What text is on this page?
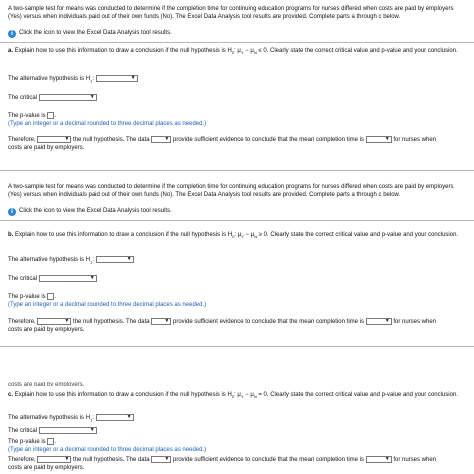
A two-sample test for means was conducted to determine if the completion time for continuing education programs for nurses differed when costs are paid by employers (Yes) versus when individuals paid out of their own funds (No). The Excel Data Analysis tool results are provided. Complete parts a through c below.

i Click the icon to view the Excel Data Analysis tool results.

a. Explain how to use this information to draw a conclusion if the null hypothesis is $H_0$: $\mu_Y - \mu_N \le 0$. Clearly state the correct critical value and p-value and your conclusion.

The alternative hypothesis is $H_1$:	▼
The critical	▼
The p-value is .
(Type an integer or a decimal rounded to three decimal places as needed.)
Therefore,	▼ the null hypothesis. The data	▼ provide sufficient evidence to conclude that the mean completion time is	▼ for nurses when
costs are paid by employers.

A two-sample test for means was conducted to determine if the completion time for continuing education programs for nurses differed when costs are paid by employers (Yes) versus when individuals paid out of their own funds (No). The Excel Data Analysis tool results are provided. Complete parts a through c below.

i Click the icon to view the Excel Data Analysis tool results.

b. Explain how to use this information to draw a conclusion if the null hypothesis is $H_0$: $\mu_Y - \mu_N \ge 0$. Clearly state the correct critical value and p-value and your conclusion.

The alternative hypothesis is $H_1$:	▼
The critical	▼
The p-value is .
(Type an integer or a decimal rounded to three decimal places as needed.)
Therefore,	▼ the null hypothesis. The data	▼ provide sufficient evidence to conclude that the mean completion time is	▼ for nurses when
costs are paid by employers.
costs are paid by employers.

c. Explain how to use this information to draw a conclusion if the null hypothesis is $H_0$: $\mu_Y - \mu_N = 0$. Clearly state the correct critical value and p-value and your conclusion.

The alternative hypothesis is $H_1$:	▼
The critical	▼
The p-value is .
(Type an integer or a decimal rounded to three decimal places as needed.)
Therefore,	▼ the null hypothesis. The data	▼ provide sufficient evidence to conclude that the mean completion time is	▼ for nurses when
costs are paid by employers.
